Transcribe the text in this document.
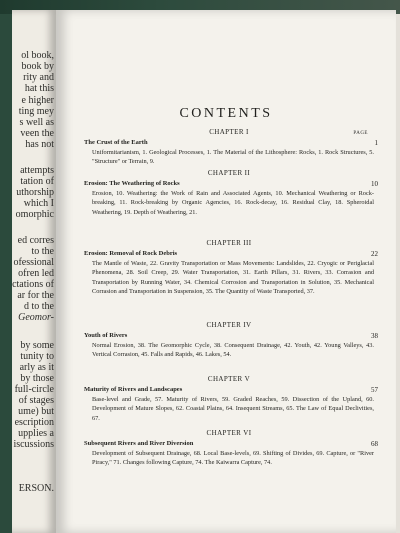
ol book,
book by
rity and
hat this
e higher
ting mey
s well as
veen the
has not
attempts
tation of
uthorship
which I
omorphic
ed corres
to the
ofessional
ofren led
ctations of
ar for the
d to the
Geomor-
by some
tunity to
arly as it
by those
full-circle
of stages
ume) but
escription
upplies a
iscussions
ERSON.
CONTENTS
PAGE
CHAPTER I
The Crust of the Earth	1
Uniformitarianism, 1. Geological Processes, 1. The Material of the Lithosphere: Rocks, 1. Rock Structures, 5. "Structure" or Terrain, 9.
CHAPTER II
Erosion: The Weathering of Rocks	10
Erosion, 10. Weathering: the Work of Rain and Associated Agents, 10. Mechanical Weathering or Rock-breaking, 11. Rock-breaking by Organic Agencies, 16. Rock-decay, 16. Residual Clay, 18. Spheroidal Weathering, 19. Depth of Weathering, 21.
CHAPTER III
Erosion: Removal of Rock Debris	22
The Mantle of Waste, 22. Gravity Transportation or Mass Movements: Landslides, 22. Cryogic or Periglacial Phenomena, 28. Soil Creep, 29. Water Transportation, 31. Earth Pillars, 31. Rivers, 33. Corrasion and Transportation by Running Water, 34. Chemical Corrosion and Transportation in Solution, 35. Mechanical Corrasion and Transportation in Suspension, 35. The Quantity of Waste Transported, 37.
CHAPTER IV
Youth of Rivers	38
Normal Erosion, 38. The Geomorphic Cycle, 38. Consequent Drainage, 42. Youth, 42. Young Valleys, 43. Vertical Corrasion, 45. Falls and Rapids, 46. Lakes, 54.
CHAPTER V
Maturity of Rivers and Landscapes	57
Base-level and Grade, 57. Maturity of Rivers, 59. Graded Reaches, 59. Dissection of the Upland, 60. Development of Mature Slopes, 62. Coastal Plains, 64. Insequent Streams, 65. The Law of Equal Declivities, 67.
CHAPTER VI
Subsequent Rivers and River Diversion	68
Development of Subsequent Drainage, 68. Local Base-levels, 69. Shifting of Divides, 69. Capture, or "River Piracy," 71. Changes following Capture, 74. The Kaiwarra Capture, 74.
